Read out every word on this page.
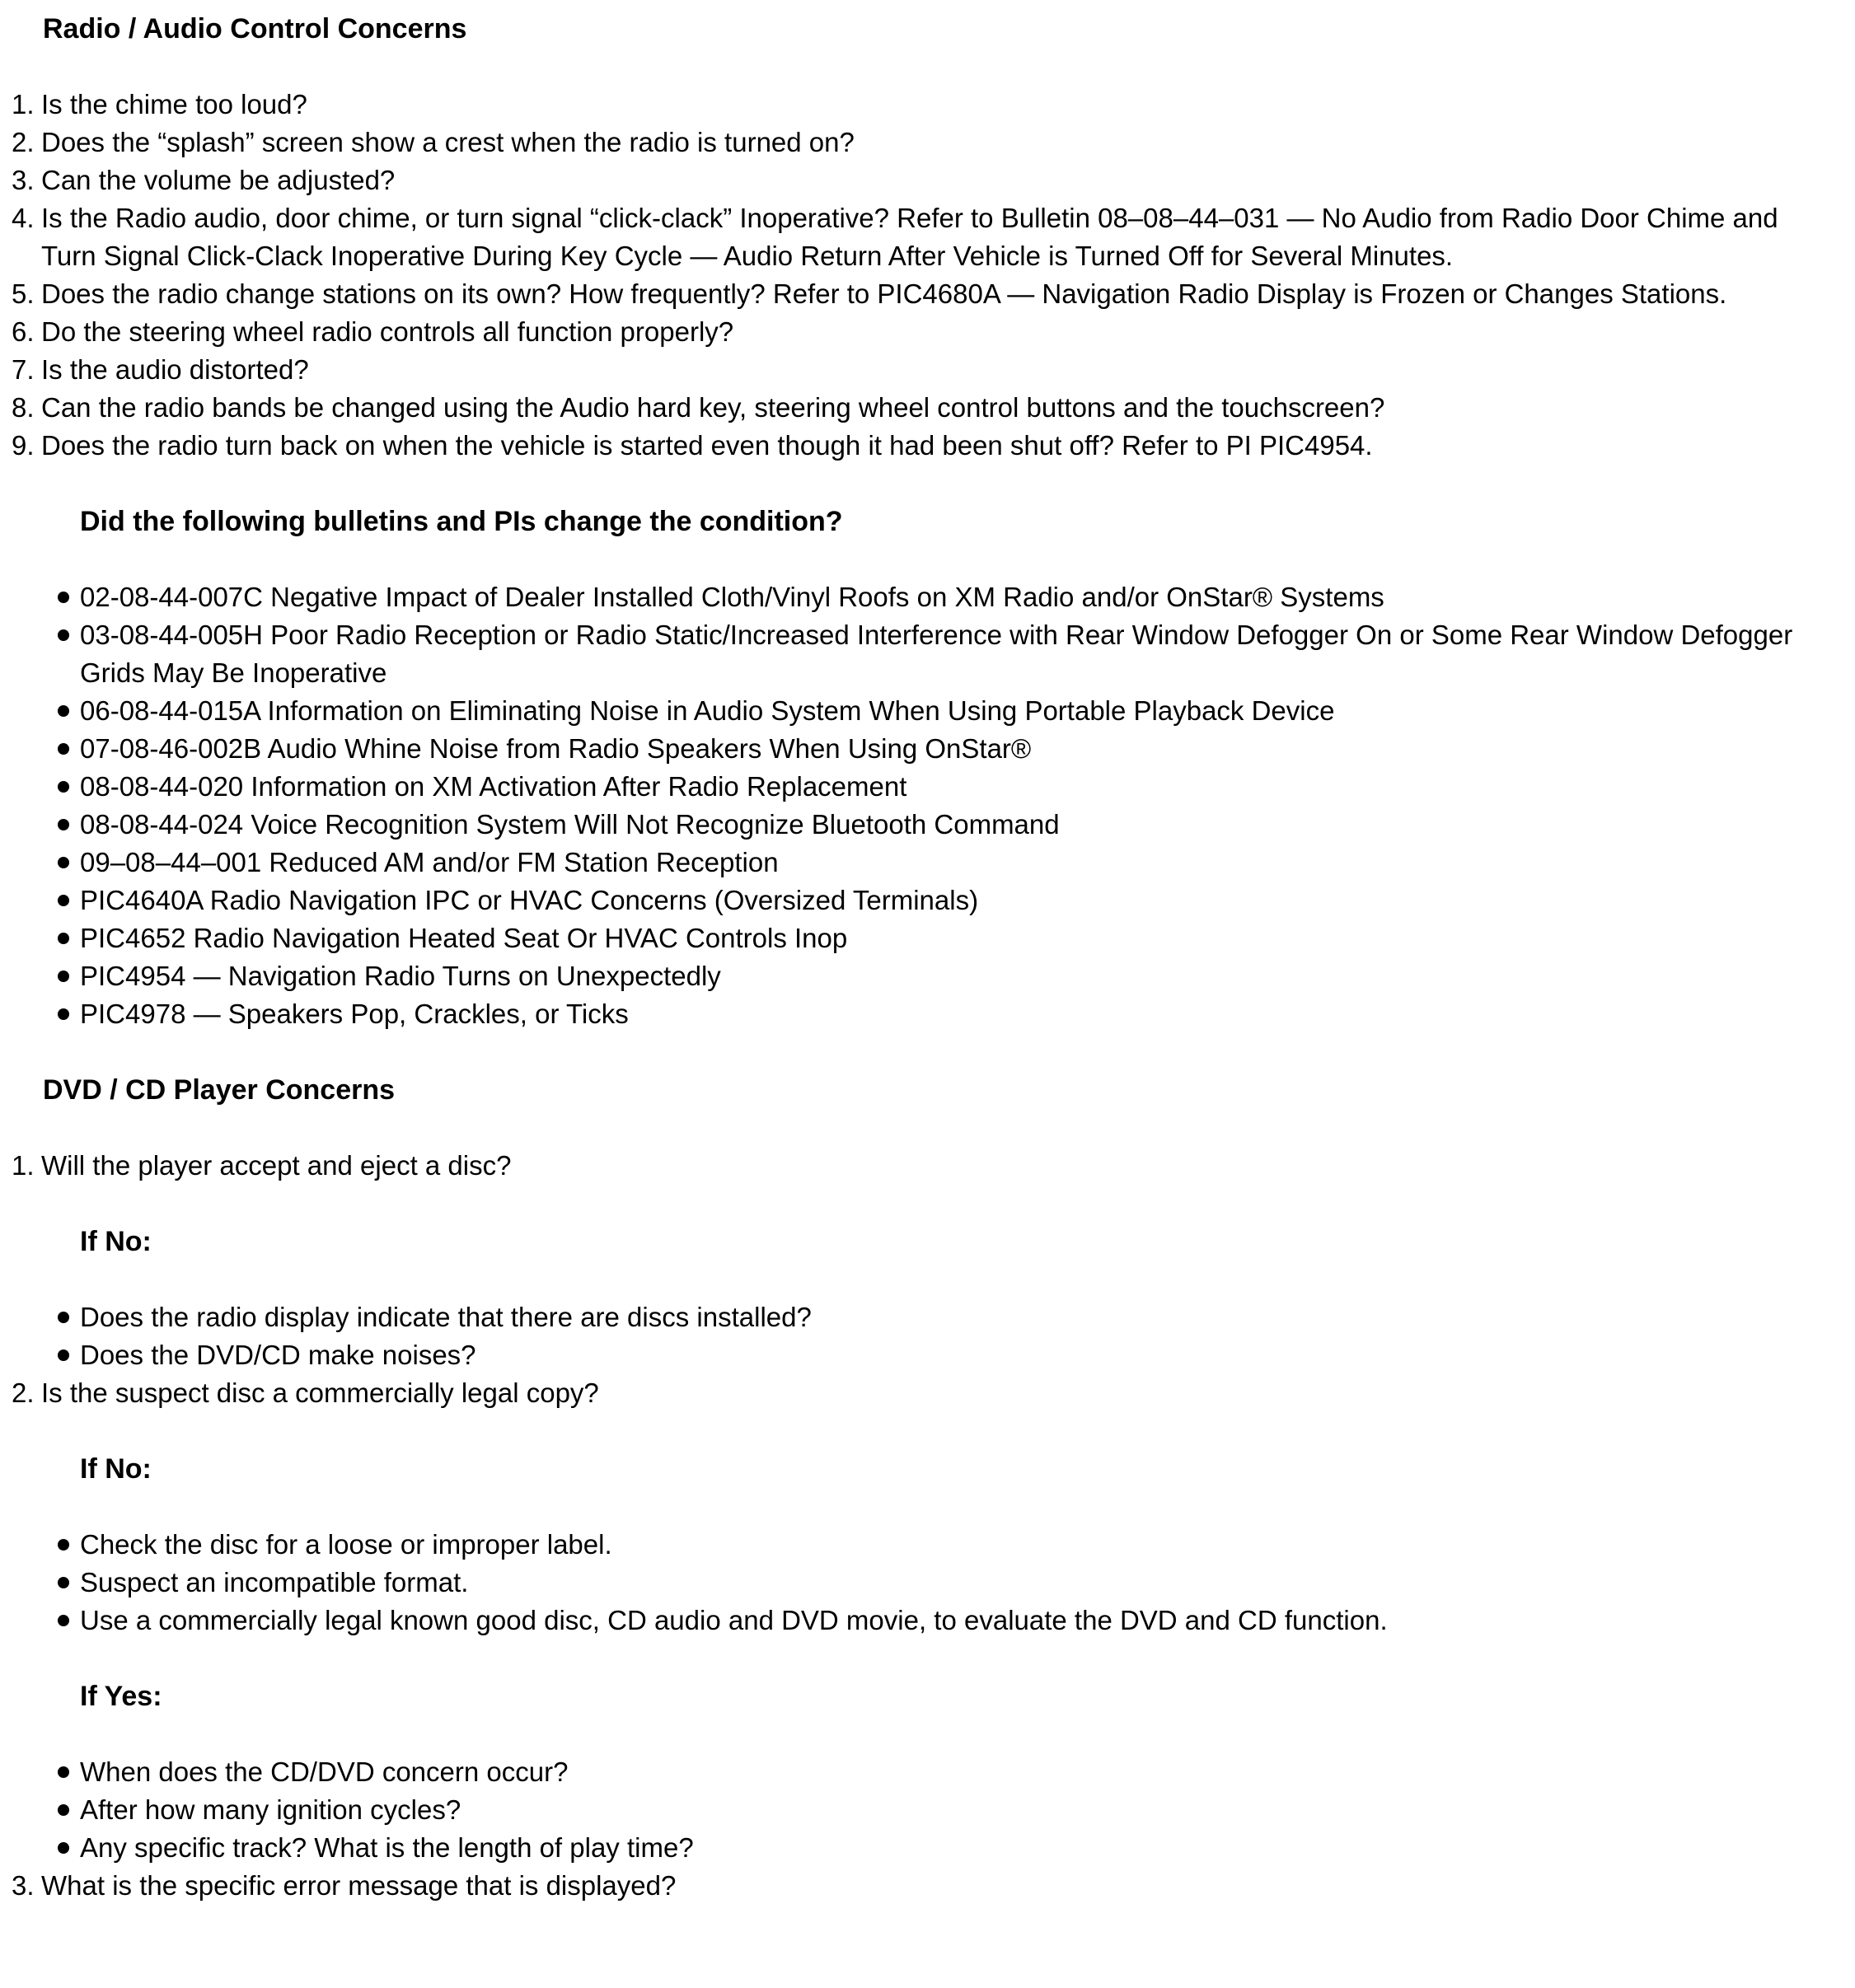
Radio / Audio Control Concerns
1. Is the chime too loud?
2. Does the “splash” screen show a crest when the radio is turned on?
3. Can the volume be adjusted?
4. Is the Radio audio, door chime, or turn signal “click-clack” Inoperative? Refer to Bulletin 08–08–44–031 — No Audio from Radio Door Chime and Turn Signal Click-Clack Inoperative During Key Cycle — Audio Return After Vehicle is Turned Off for Several Minutes.
5. Does the radio change stations on its own? How frequently? Refer to PIC4680A — Navigation Radio Display is Frozen or Changes Stations.
6. Do the steering wheel radio controls all function properly?
7. Is the audio distorted?
8. Can the radio bands be changed using the Audio hard key, steering wheel control buttons and the touchscreen?
9. Does the radio turn back on when the vehicle is started even though it had been shut off? Refer to PI PIC4954.
Did the following bulletins and PIs change the condition?
02-08-44-007C Negative Impact of Dealer Installed Cloth/Vinyl Roofs on XM Radio and/or OnStar® Systems
03-08-44-005H Poor Radio Reception or Radio Static/Increased Interference with Rear Window Defogger On or Some Rear Window Defogger Grids May Be Inoperative
06-08-44-015A Information on Eliminating Noise in Audio System When Using Portable Playback Device
07-08-46-002B Audio Whine Noise from Radio Speakers When Using OnStar®
08-08-44-020 Information on XM Activation After Radio Replacement
08-08-44-024 Voice Recognition System Will Not Recognize Bluetooth Command
09–08–44–001 Reduced AM and/or FM Station Reception
PIC4640A Radio Navigation IPC or HVAC Concerns (Oversized Terminals)
PIC4652 Radio Navigation Heated Seat Or HVAC Controls Inop
PIC4954 — Navigation Radio Turns on Unexpectedly
PIC4978 — Speakers Pop, Crackles, or Ticks
DVD / CD Player Concerns
1. Will the player accept and eject a disc?
If No:
Does the radio display indicate that there are discs installed?
Does the DVD/CD make noises?
2. Is the suspect disc a commercially legal copy?
If No:
Check the disc for a loose or improper label.
Suspect an incompatible format.
Use a commercially legal known good disc, CD audio and DVD movie, to evaluate the DVD and CD function.
If Yes:
When does the CD/DVD concern occur?
After how many ignition cycles?
Any specific track? What is the length of play time?
3. What is the specific error message that is displayed?
